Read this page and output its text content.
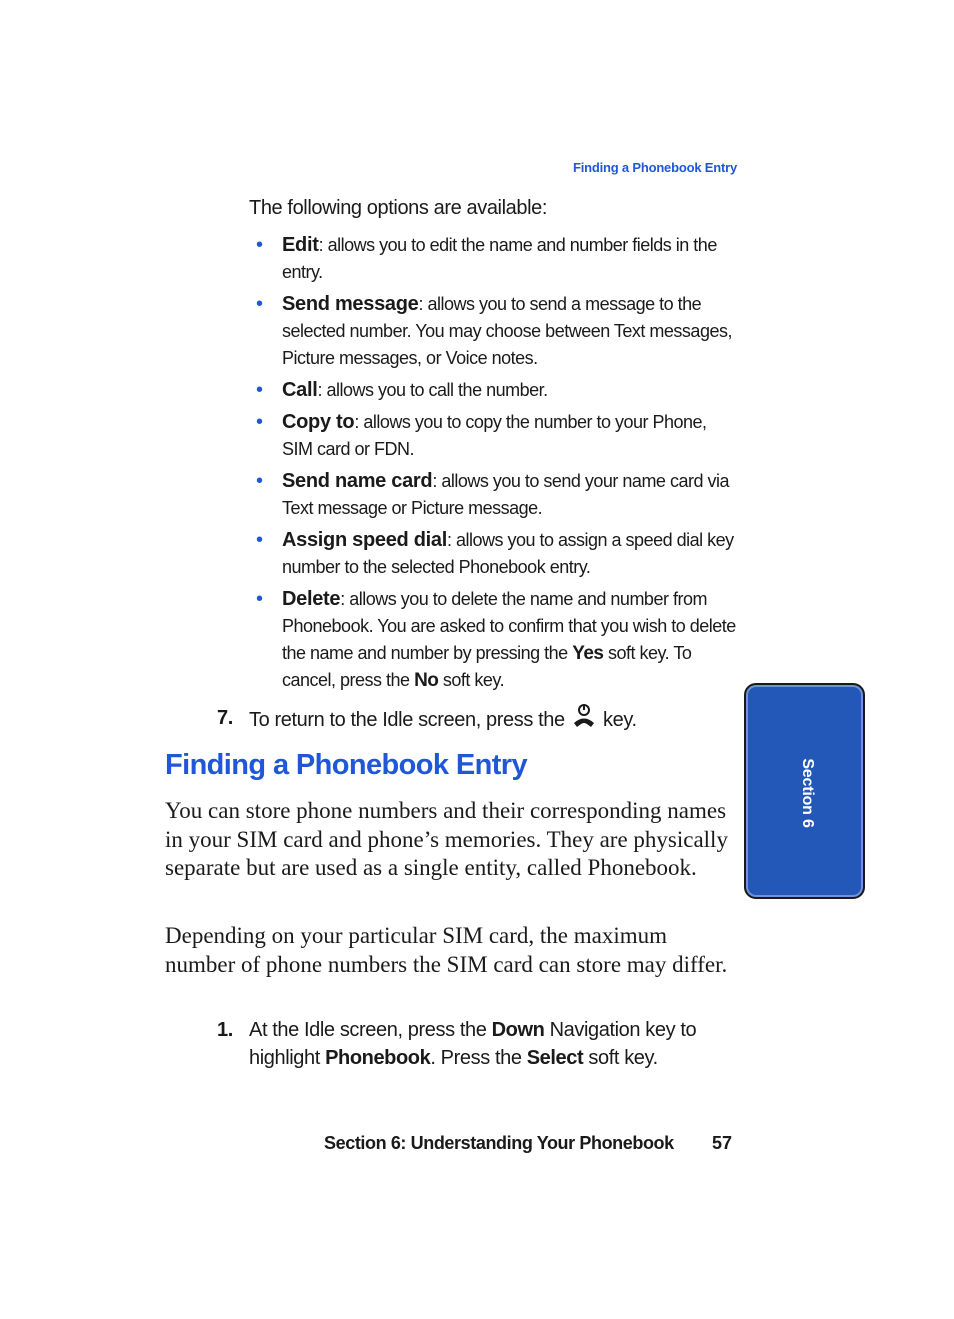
Finding a Phonebook Entry
The following options are available:
• Edit: allows you to edit the name and number fields in the entry.
• Send message: allows you to send a message to the selected number. You may choose between Text messages, Picture messages, or Voice notes.
• Call: allows you to call the number.
• Copy to: allows you to copy the number to your Phone, SIM card or FDN.
• Send name card: allows you to send your name card via Text message or Picture message.
• Assign speed dial: allows you to assign a speed dial key number to the selected Phonebook entry.
• Delete: allows you to delete the name and number from Phonebook. You are asked to confirm that you wish to delete the name and number by pressing the Yes soft key. To cancel, press the No soft key.
7. To return to the Idle screen, press the  key.
Finding a Phonebook Entry
You can store phone numbers and their corresponding names in your SIM card and phone’s memories. They are physically separate but are used as a single entity, called Phonebook.
Depending on your particular SIM card, the maximum number of phone numbers the SIM card can store may differ.
1. At the Idle screen, press the Down Navigation key to highlight Phonebook. Press the Select soft key.
Section 6
Section 6: Understanding Your Phonebook 57
